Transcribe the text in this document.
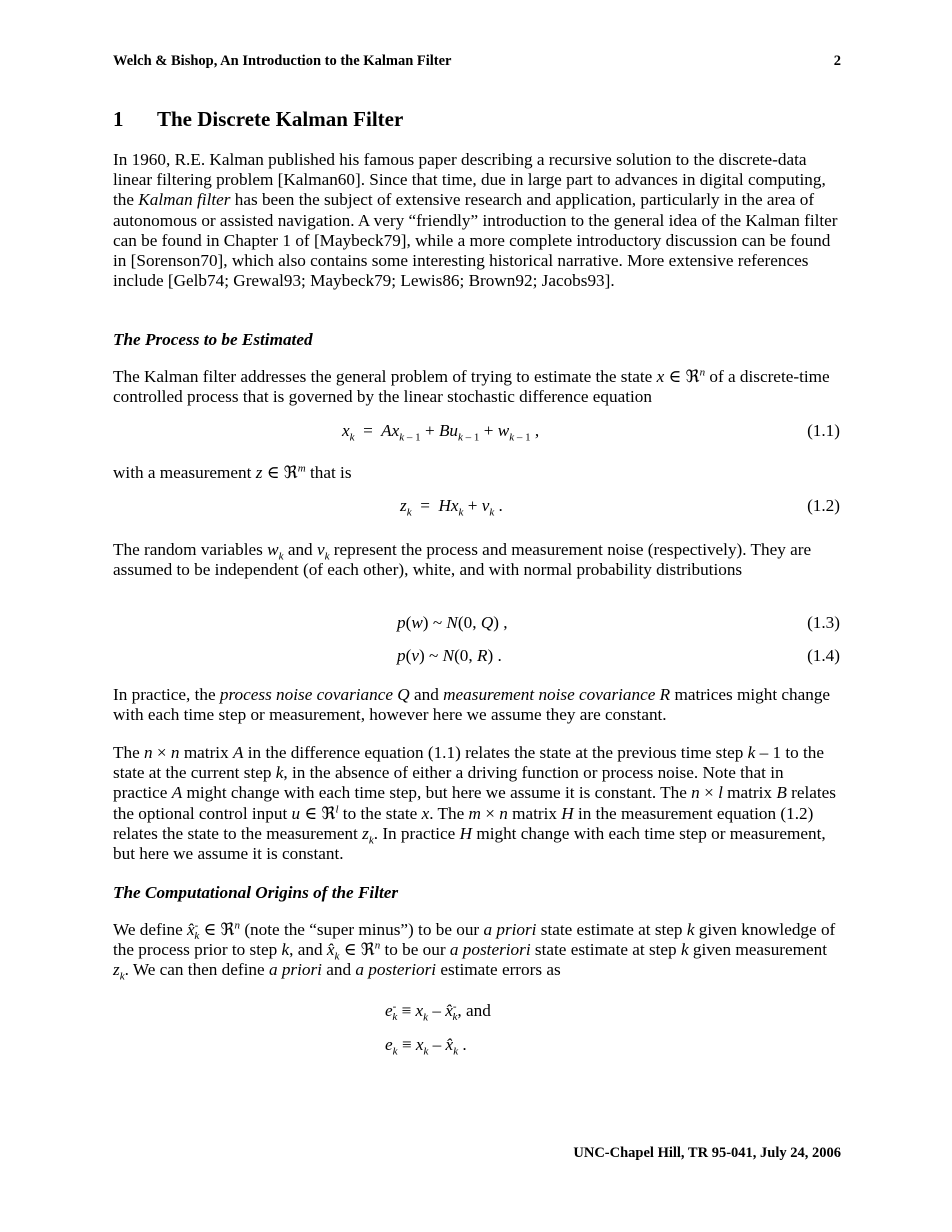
Welch & Bishop, An Introduction to the Kalman Filter	2
1 The Discrete Kalman Filter
In 1960, R.E. Kalman published his famous paper describing a recursive solution to the discrete-data linear filtering problem [Kalman60]. Since that time, due in large part to advances in digital computing, the Kalman filter has been the subject of extensive research and application, particularly in the area of autonomous or assisted navigation. A very “friendly” introduction to the general idea of the Kalman filter can be found in Chapter 1 of [Maybeck79], while a more complete introductory discussion can be found in [Sorenson70], which also contains some interesting historical narrative. More extensive references include [Gelb74; Grewal93; Maybeck79; Lewis86; Brown92; Jacobs93].
The Process to be Estimated
The Kalman filter addresses the general problem of trying to estimate the state x ∈ ℜ$^n$ of a discrete-time controlled process that is governed by the linear stochastic difference equation
$x_k = Ax_{k - 1} + Bu_{k - 1} + w_{k - 1}$ ,	(1.1)
with a measurement z ∈ ℜ$^m$ that is
$z_k = Hx_k + v_k$ .	(1.2)
The random variables $w_k$ and $v_k$ represent the process and measurement noise (respectively). They are assumed to be independent (of each other), white, and with normal probability distributions
p(w) ~ N(0, Q) ,	(1.3)
p(v) ~ N(0, R) .	(1.4)
In practice, the process noise covariance Q and measurement noise covariance R matrices might change with each time step or measurement, however here we assume they are constant.
The n × n matrix A in the difference equation (1.1) relates the state at the previous time step k – 1 to the state at the current step k, in the absence of either a driving function or process noise. Note that in practice A might change with each time step, but here we assume it is constant. The n × l matrix B relates the optional control input u ∈ ℜ$^l$ to the state x. The m × n matrix H in the measurement equation (1.2) relates the state to the measurement $z_k$. In practice H might change with each time step or measurement, but here we assume it is constant.
The Computational Origins of the Filter
We define $x̂^-_k$ ∈ ℜ$^n$ (note the “super minus”) to be our a priori state estimate at step k given knowledge of the process prior to step k, and $x̂_k$ ∈ ℜ$^n$ to be our a posteriori state estimate at step k given measurement $z_k$. We can then define a priori and a posteriori estimate errors as
$e^-_k \equiv x_k$ – $x̂^-_k$, and
$e_k \equiv x_k$ – $x̂_k$ .
UNC-Chapel Hill, TR 95-041, July 24, 2006
